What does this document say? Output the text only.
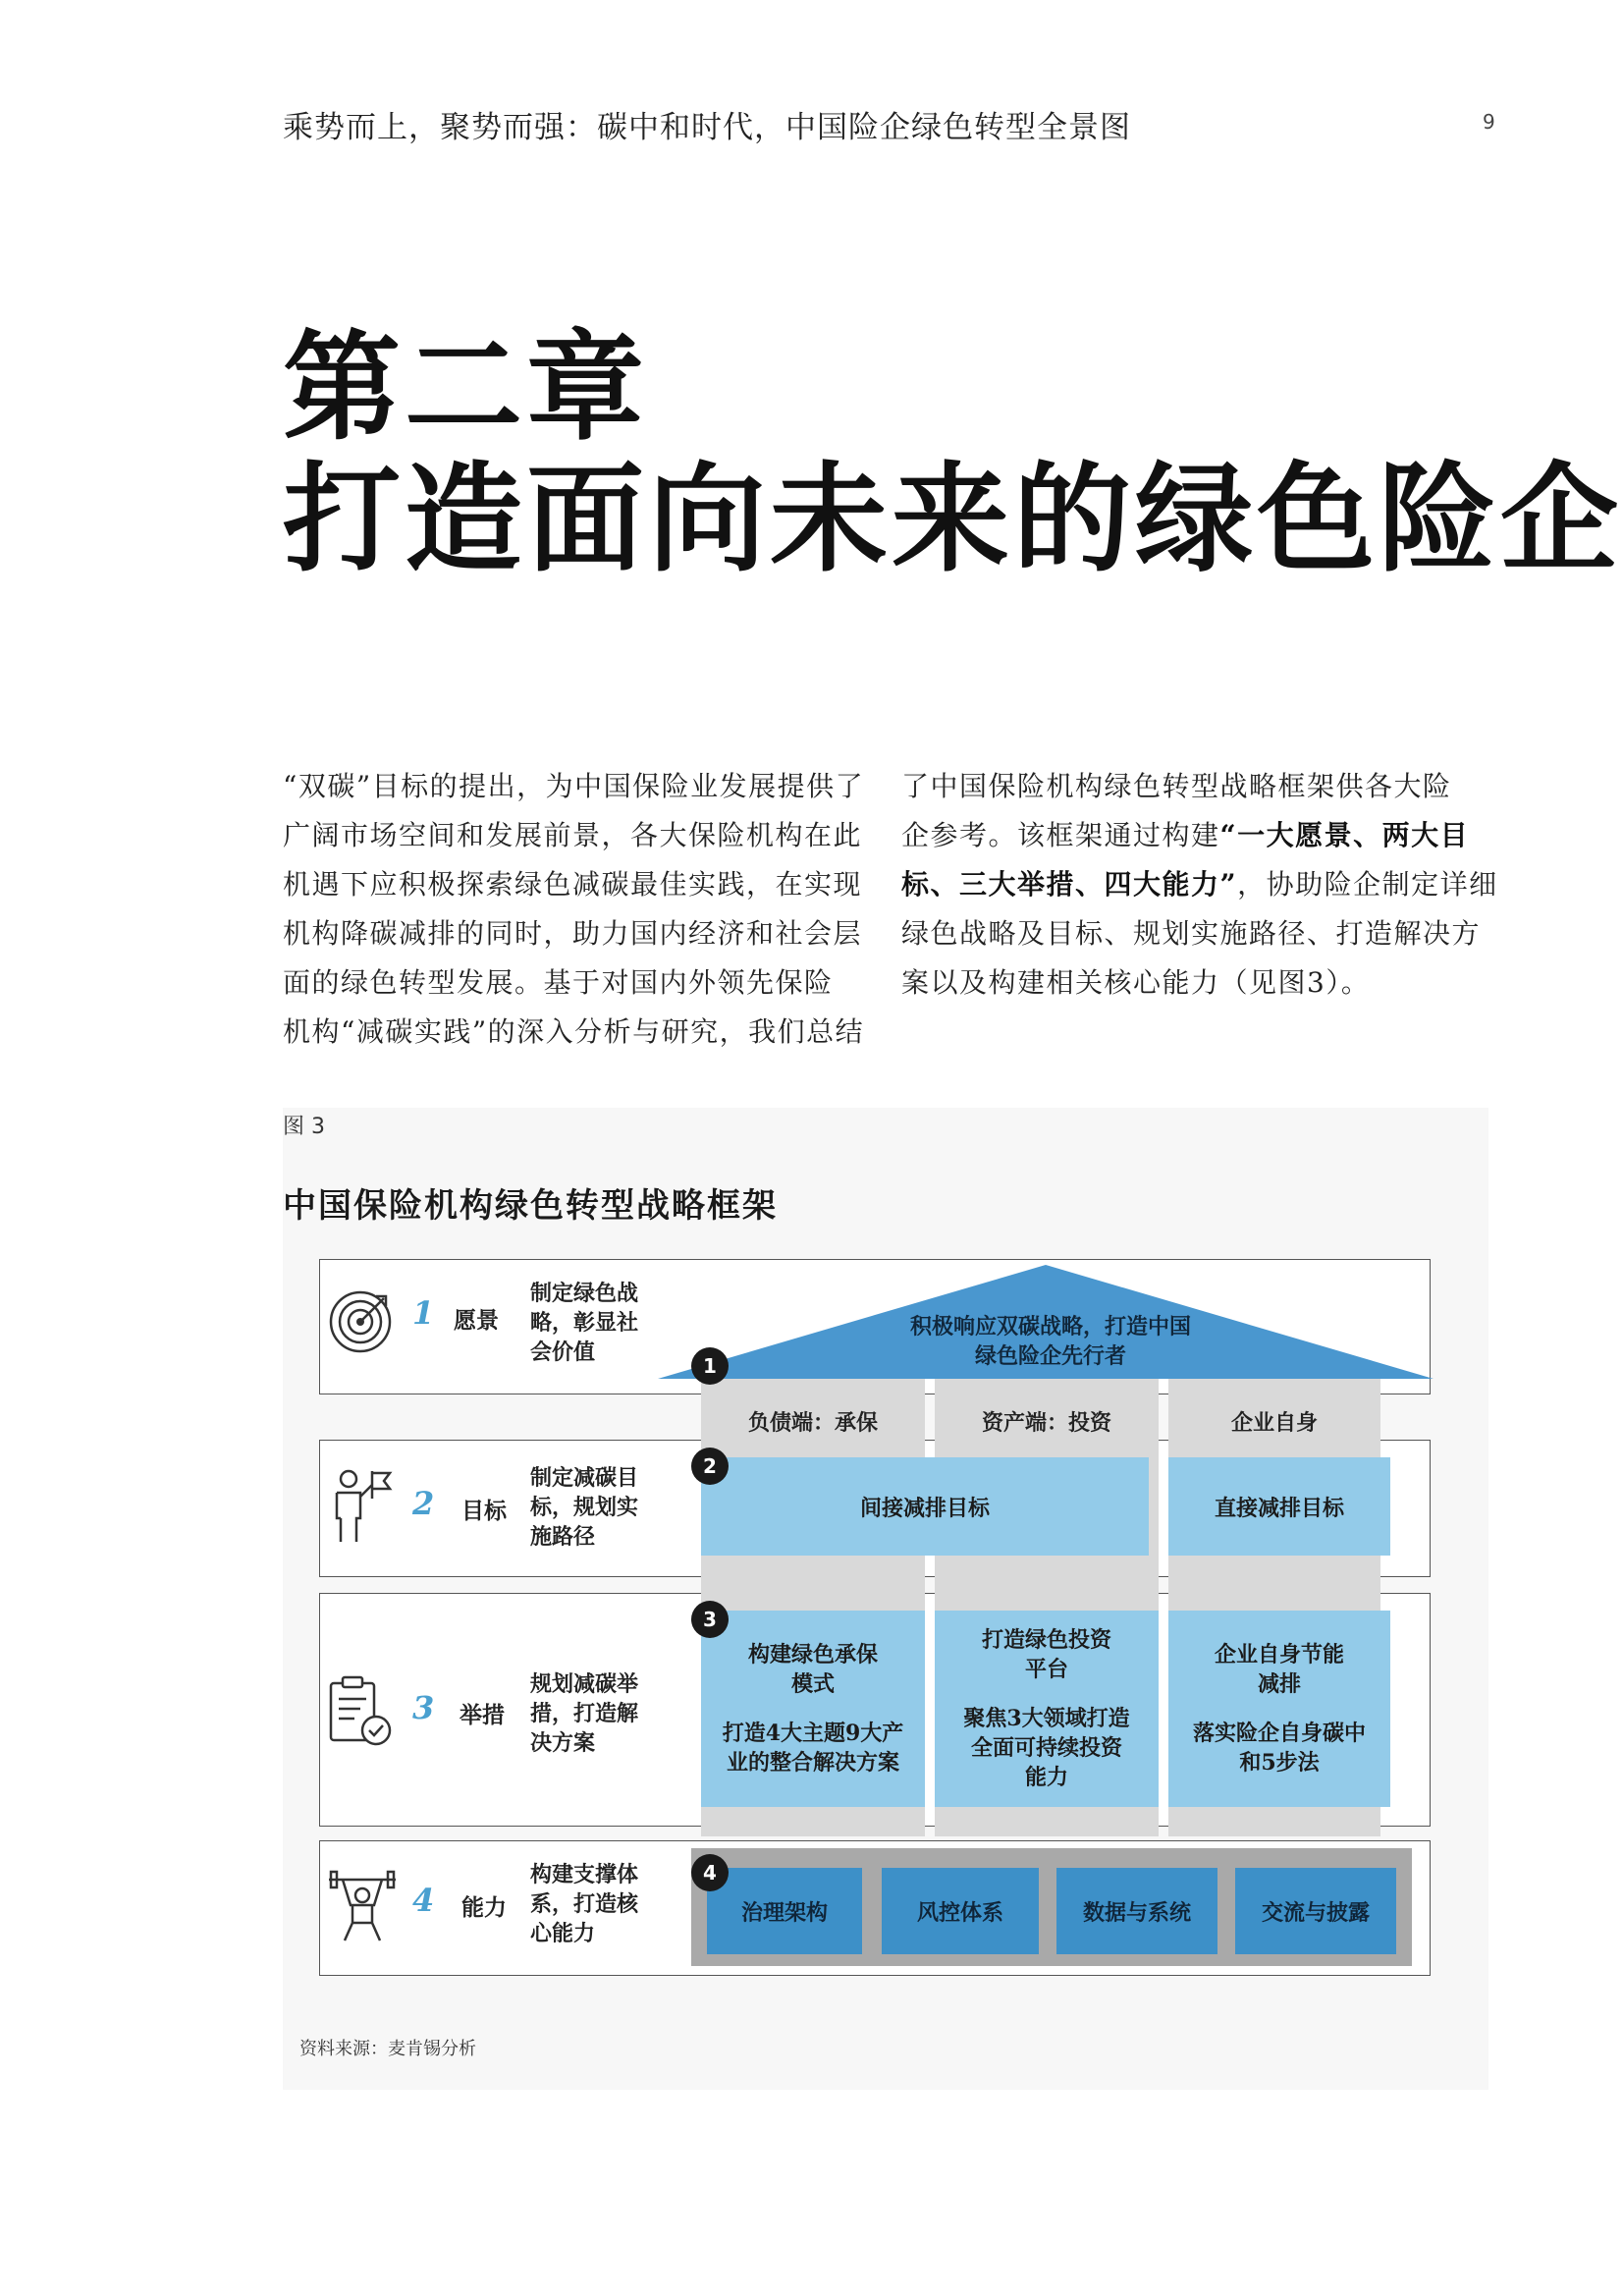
乘势而上，聚势而强：碳中和时代，中国险企绿色转型全景图	9
第二章
打造面向未来的绿色险企
“双碳”目标的提出，为中国保险业发展提供了
广阔市场空间和发展前景，各大保险机构在此
机遇下应积极探索绿色减碳最佳实践，在实现
机构降碳减排的同时，助力国内经济和社会层
面的绿色转型发展。基于对国内外领先保险
机构“减碳实践”的深入分析与研究，我们总结
了中国保险机构绿色转型战略框架供各大险
企参考。该框架通过构建“一大愿景、两大目
标、三大举措、四大能力”，协助险企制定详细
绿色战略及目标、规划实施路径、打造解决方
案以及构建相关核心能力（见图3）。
图 3
中国保险机构绿色转型战略框架
积极响应双碳战略，打造中国
绿色险企先行者
负债端：承保	资产端：投资	企业自身
1 愿景
制定绿色战
略，彰显社
会价值
1
2 目标
制定减碳目
标，规划实
施路径
间接减排目标	直接减排目标
2
3 举措
规划减碳举
措，打造解
决方案
构建绿色承保
模式
打造4大主题9大产
业的整合解决方案
打造绿色投资
平台
聚焦3大领域打造
全面可持续投资
能力
企业自身节能
减排
落实险企自身碳中
和5步法
3
4 能力
构建支撑体
系，打造核
心能力
治理架构	风控体系	数据与系统	交流与披露
4
资料来源：麦肯锡分析
